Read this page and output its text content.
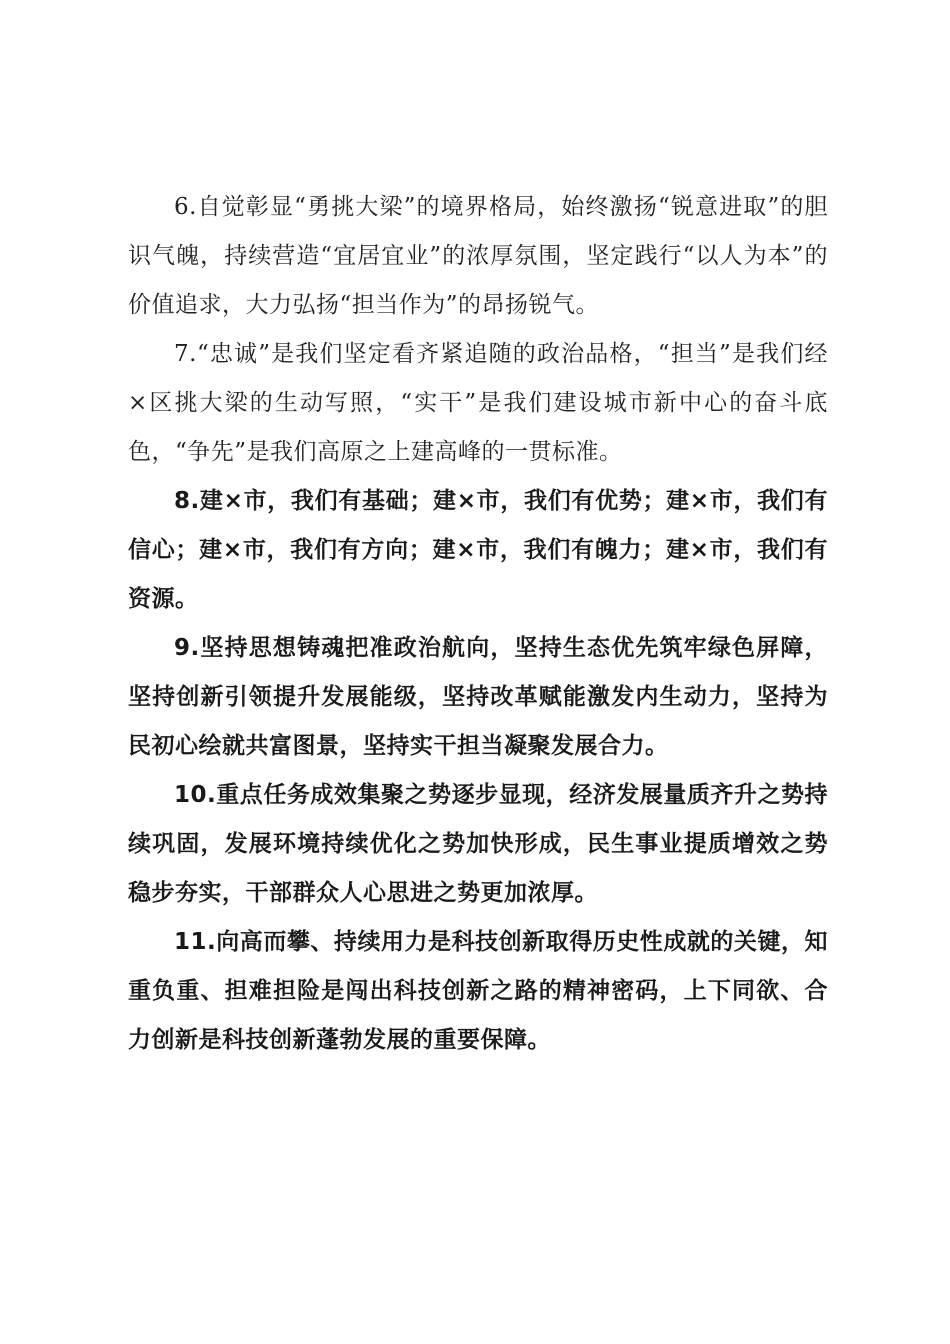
6.自觉彰显“勇挑大梁”的境界格局，始终激扬“锐意进取”的胆识气魄，持续营造“宜居宜业”的浓厚氛围，坚定践行“以人为本”的价值追求，大力弘扬“担当作为”的昂扬锐气。

7.“忠诚”是我们坚定看齐紧追随的政治品格，“担当”是我们经×区挑大梁的生动写照，“实干”是我们建设城市新中心的奋斗底色，“争先”是我们高原之上建高峰的一贯标准。

8.建×市，我们有基础；建×市，我们有优势；建×市，我们有信心；建×市，我们有方向；建×市，我们有魄力；建×市，我们有资源。

9.坚持思想铸魂把准政治航向，坚持生态优先筑牢绿色屏障，坚持创新引领提升发展能级，坚持改革赋能激发内生动力，坚持为民初心绘就共富图景，坚持实干担当凝聚发展合力。

10.重点任务成效集聚之势逐步显现，经济发展量质齐升之势持续巩固，发展环境持续优化之势加快形成，民生事业提质增效之势稳步夯实，干部群众人心思进之势更加浓厚。

11.向高而攀、持续用力是科技创新取得历史性成就的关键，知重负重、担难担险是闯出科技创新之路的精神密码，上下同欲、合力创新是科技创新蓬勃发展的重要保障。
